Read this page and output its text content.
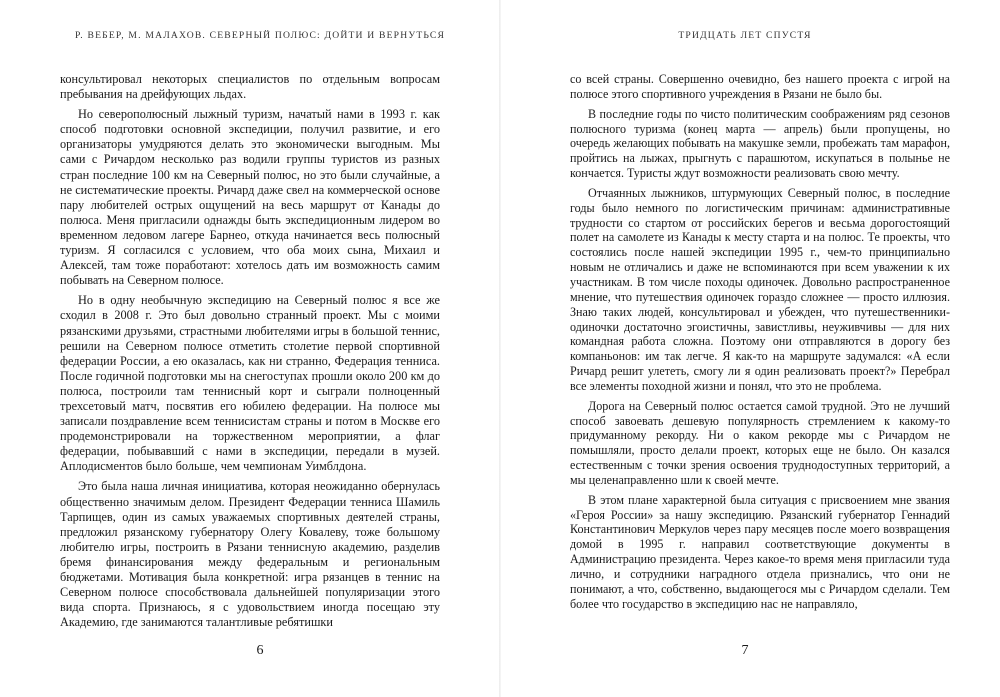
Р. ВЕБЕР, М. МАЛАХОВ. СЕВЕРНЫЙ ПОЛЮС: ДОЙТИ И ВЕРНУТЬСЯ

консультировал некоторых специалистов по отдельным вопросам пребывания на дрейфующих льдах.

Но северополюсный лыжный туризм, начатый нами в 1993 г. как способ подготовки основной экспедиции, получил развитие, и его организаторы умудряются делать это экономически выгодным. Мы сами с Ричардом несколько раз водили группы туристов из разных стран последние 100 км на Северный полюс, но это были случайные, а не систематические проекты. Ричард даже свел на коммерческой основе пару любителей острых ощущений на весь маршрут от Канады до полюса. Меня пригласили однажды быть экспедиционным лидером во временном ледовом лагере Барнео, откуда начинается весь полюсный туризм. Я согласился с условием, что оба моих сына, Михаил и Алексей, там тоже поработают: хотелось дать им возможность самим побывать на Северном полюсе.

Но в одну необычную экспедицию на Северный полюс я все же сходил в 2008 г. Это был довольно странный проект. Мы с моими рязанскими друзьями, страстными любителями игры в большой теннис, решили на Северном полюсе отметить столетие первой спортивной федерации России, а ею оказалась, как ни странно, Федерация тенниса. После годичной подготовки мы на снегоступах прошли около 200 км до полюса, построили там теннисный корт и сыграли полноценный трехсетовый матч, посвятив его юбилею федерации. На полюсе мы записали поздравление всем теннисистам страны и потом в Москве его продемонстрировали на торжественном мероприятии, а флаг федерации, побывавший с нами в экспедиции, передали в музей. Аплодисментов было больше, чем чемпионам Уимблдона.

Это была наша личная инициатива, которая неожиданно обернулась общественно значимым делом. Президент Федерации тенниса Шамиль Тарпищев, один из самых уважаемых спортивных деятелей страны, предложил рязанскому губернатору Олегу Ковалеву, тоже большому любителю игры, построить в Рязани теннисную академию, разделив бремя финансирования между федеральным и региональным бюджетами. Мотивация была конкретной: игра рязанцев в теннис на Северном полюсе способствовала дальнейшей популяризации этого вида спорта. Признаюсь, я с удовольствием иногда посещаю эту Академию, где занимаются талантливые ребятишки

6
ТРИДЦАТЬ ЛЕТ СПУСТЯ

со всей страны. Совершенно очевидно, без нашего проекта с игрой на полюсе этого спортивного учреждения в Рязани не было бы.

В последние годы по чисто политическим соображениям ряд сезонов полюсного туризма (конец марта — апрель) были пропущены, но очередь желающих побывать на макушке земли, пробежать там марафон, пройтись на лыжах, прыгнуть с парашютом, искупаться в полынье не кончается. Туристы ждут возможности реализовать свою мечту.

Отчаянных лыжников, штурмующих Северный полюс, в последние годы было немного по логистическим причинам: административные трудности со стартом от российских берегов и весьма дорогостоящий полет на самолете из Канады к месту старта и на полюс. Те проекты, что состоялись после нашей экспедиции 1995 г., чем-то принципиально новым не отличались и даже не вспоминаются при всем уважении к их участникам. В том числе походы одиночек. Довольно распространенное мнение, что путешествия одиночек гораздо сложнее — просто иллюзия. Знаю таких людей, консультировал и убежден, что путешественники-одиночки достаточно эгоистичны, завистливы, неуживчивы — для них командная работа сложна. Поэтому они отправляются в дорогу без компаньонов: им так легче. Я как-то на маршруте задумался: «А если Ричард решит улететь, смогу ли я один реализовать проект?» Перебрал все элементы походной жизни и понял, что это не проблема.

Дорога на Северный полюс остается самой трудной. Это не лучший способ завоевать дешевую популярность стремлением к какому-то придуманному рекорду. Ни о каком рекорде мы с Ричардом не помышляли, просто делали проект, которых еще не было. Он казался естественным с точки зрения освоения труднодоступных территорий, а мы целенаправленно шли к своей мечте.

В этом плане характерной была ситуация с присвоением мне звания «Героя России» за нашу экспедицию. Рязанский губернатор Геннадий Константинович Меркулов через пару месяцев после моего возвращения домой в 1995 г. направил соответствующие документы в Администрацию президента. Через какое-то время меня пригласили туда лично, и сотрудники наградного отдела признались, что они не понимают, а что, собственно, выдающегося мы с Ричардом сделали. Тем более что государство в экспедицию нас не направляло,

7
